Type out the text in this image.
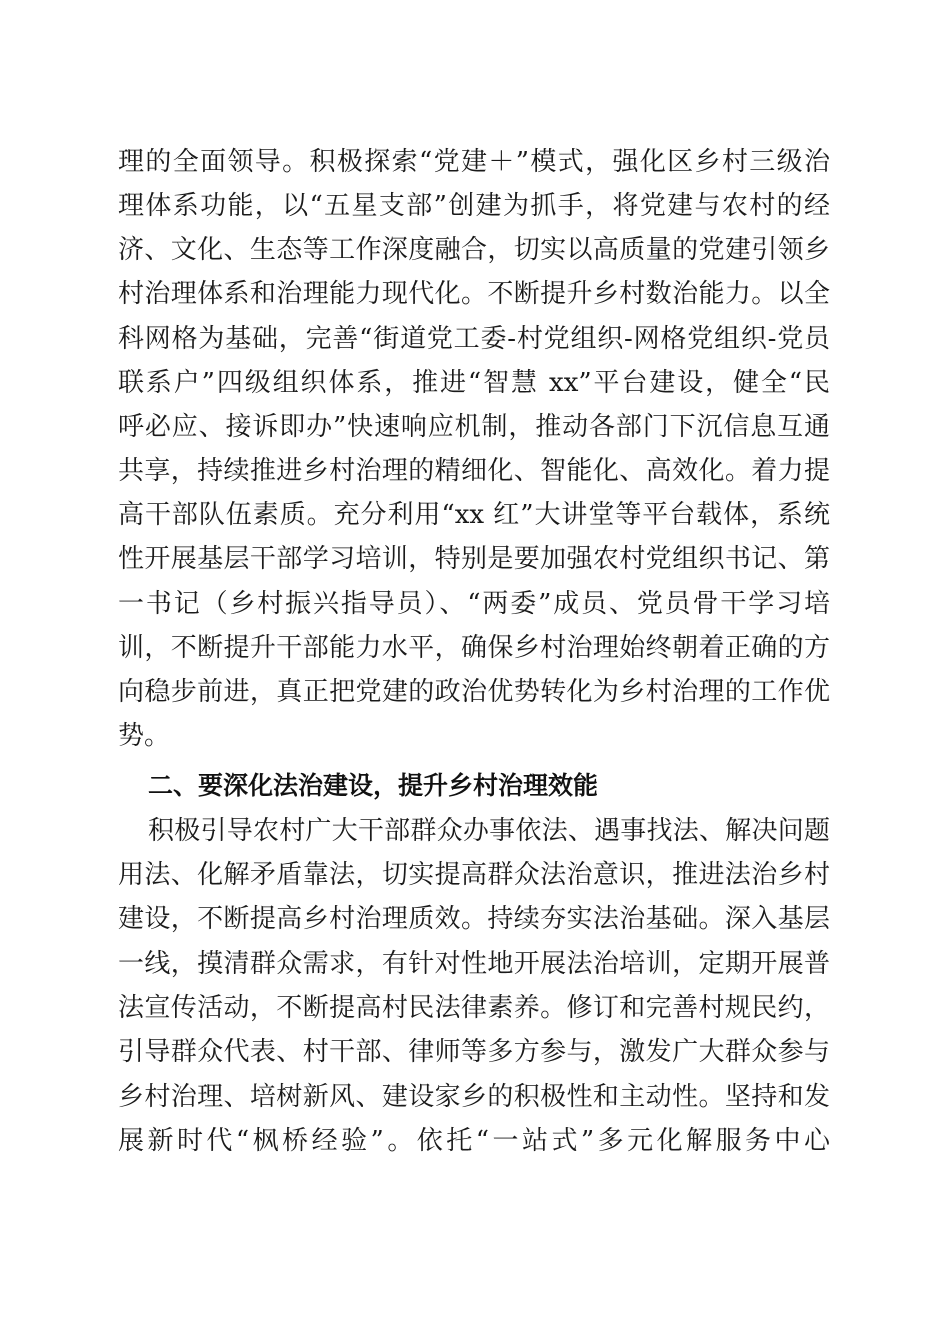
理的全面领导。积极探索“党建＋”模式，强化区乡村三级治
理体系功能，以“五星支部”创建为抓手，将党建与农村的经
济、文化、生态等工作深度融合，切实以高质量的党建引领乡
村治理体系和治理能力现代化。不断提升乡村数治能力。以全
科网格为基础，完善“街道党工委-村党组织-网格党组织-党员
联系户”四级组织体系，推进“智慧 xx”平台建设，健全“民
呼必应、接诉即办”快速响应机制，推动各部门下沉信息互通
共享，持续推进乡村治理的精细化、智能化、高效化。着力提
高干部队伍素质。充分利用“xx 红”大讲堂等平台载体，系统
性开展基层干部学习培训，特别是要加强农村党组织书记、第
一书记（乡村振兴指导员）、“两委”成员、党员骨干学习培
训，不断提升干部能力水平，确保乡村治理始终朝着正确的方
向稳步前进，真正把党建的政治优势转化为乡村治理的工作优
势。
二、要深化法治建设，提升乡村治理效能
积极引导农村广大干部群众办事依法、遇事找法、解决问题
用法、化解矛盾靠法，切实提高群众法治意识，推进法治乡村
建设，不断提高乡村治理质效。持续夯实法治基础。深入基层
一线，摸清群众需求，有针对性地开展法治培训，定期开展普
法宣传活动，不断提高村民法律素养。修订和完善村规民约，
引导群众代表、村干部、律师等多方参与，激发广大群众参与
乡村治理、培树新风、建设家乡的积极性和主动性。坚持和发
展新时代“枫桥经验”。依托“一站式”多元化解服务中心
